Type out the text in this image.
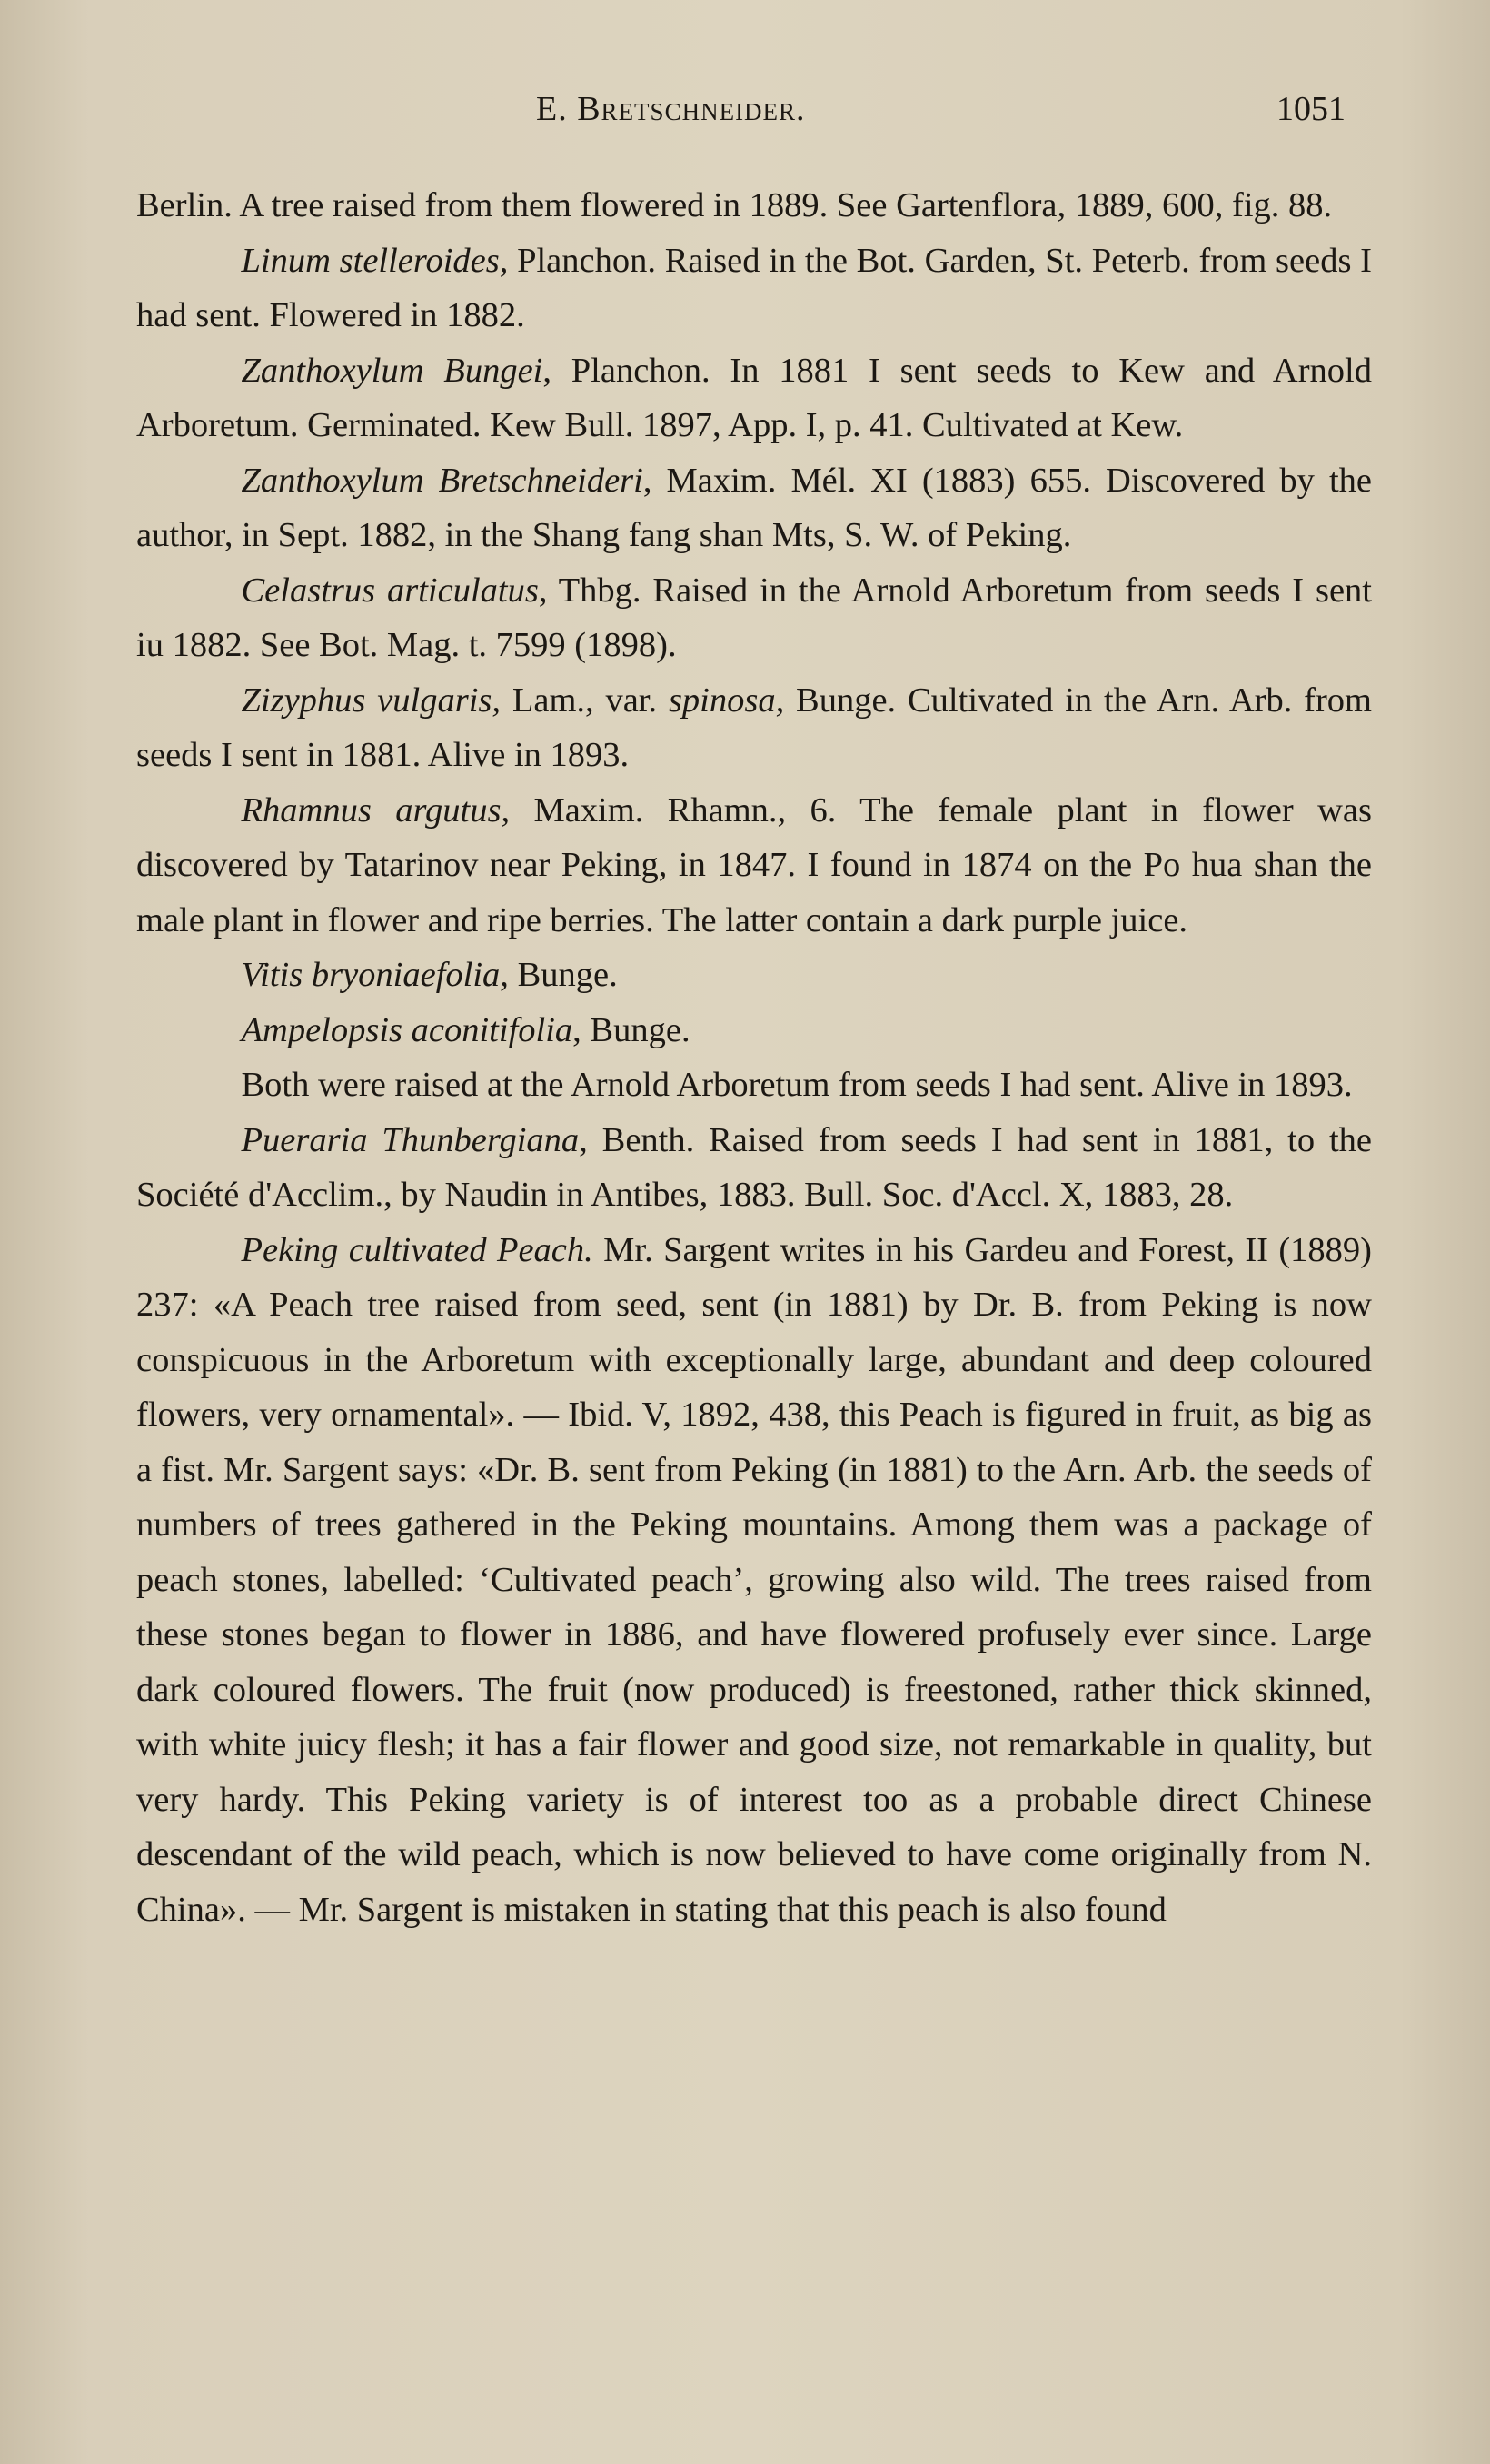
E. Bretschneider.	1051

Berlin. A tree raised from them flowered in 1889. See Gartenflora, 1889, 600, fig. 88.

Linum stelleroides, Planchon. Raised in the Bot. Garden, St. Peterb. from seeds I had sent. Flowered in 1882.

Zanthoxylum Bungei, Planchon. In 1881 I sent seeds to Kew and Arnold Arboretum. Germinated. Kew Bull. 1897, App. I, p. 41. Cultivated at Kew.

Zanthoxylum Bretschneideri, Maxim. Mél. XI (1883) 655. Discovered by the author, in Sept. 1882, in the Shang fang shan Mts, S. W. of Peking.

Celastrus articulatus, Thbg. Raised in the Arnold Arboretum from seeds I sent iu 1882. See Bot. Mag. t. 7599 (1898).

Zizyphus vulgaris, Lam., var. spinosa, Bunge. Cultivated in the Arn. Arb. from seeds I sent in 1881. Alive in 1893.

Rhamnus argutus, Maxim. Rhamn., 6. The female plant in flower was discovered by Tatarinov near Peking, in 1847. I found in 1874 on the Po hua shan the male plant in flower and ripe berries. The latter contain a dark purple juice.

Vitis bryoniaefolia, Bunge.

Ampelopsis aconitifolia, Bunge.

Both were raised at the Arnold Arboretum from seeds I had sent. Alive in 1893.

Pueraria Thunbergiana, Benth. Raised from seeds I had sent in 1881, to the Société d'Acclim., by Naudin in Antibes, 1883. Bull. Soc. d'Accl. X, 1883, 28.

Peking cultivated Peach. Mr. Sargent writes in his Gardeu and Forest, II (1889) 237: «A Peach tree raised from seed, sent (in 1881) by Dr. B. from Peking is now conspicuous in the Arboretum with exceptionally large, abundant and deep coloured flowers, very ornamental». — Ibid. V, 1892, 438, this Peach is figured in fruit, as big as a fist. Mr. Sargent says: «Dr. B. sent from Peking (in 1881) to the Arn. Arb. the seeds of numbers of trees gathered in the Peking mountains. Among them was a package of peach stones, labelled: ‘Cultivated peach’, growing also wild. The trees raised from these stones began to flower in 1886, and have flowered profusely ever since. Large dark coloured flowers. The fruit (now produced) is freestoned, rather thick skinned, with white juicy flesh; it has a fair flower and good size, not remarkable in quality, but very hardy. This Peking variety is of interest too as a probable direct Chinese descendant of the wild peach, which is now believed to have come originally from N. China». — Mr. Sargent is mistaken in stating that this peach is also found
